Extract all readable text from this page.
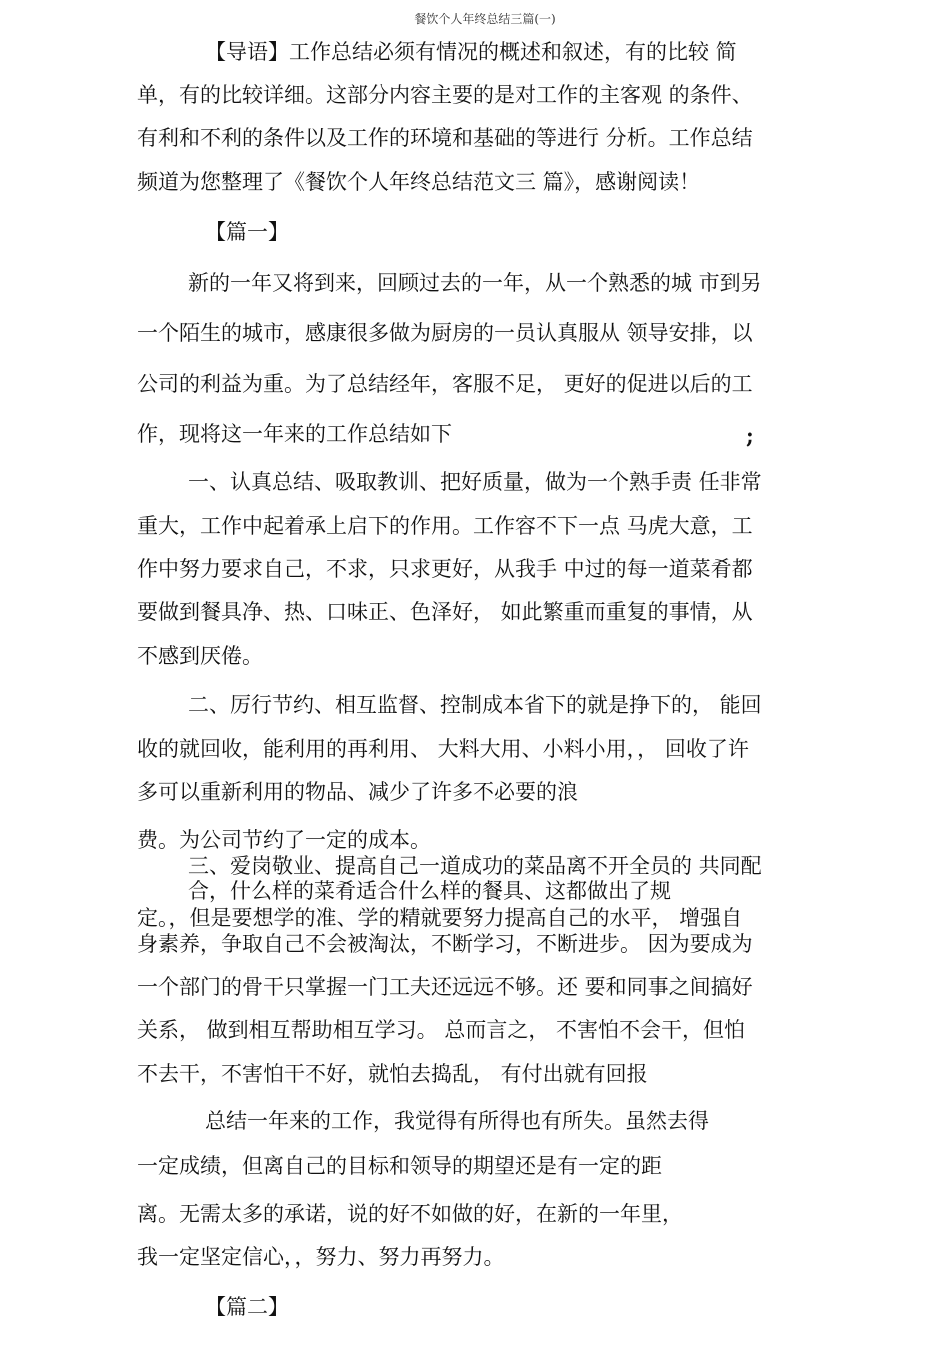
餐饮个人年终总结三篇(一)
【导语】工作总结必须有情况的概述和叙述，有的比较 简
单，有的比较详细。这部分内容主要的是对工作的主客观 的条件、
有利和不利的条件以及工作的环境和基础的等进行 分析。工作总结
频道为您整理了《餐饮个人年终总结范文三 篇》，感谢阅读！
【篇一】
新的一年又将到来，回顾过去的一年，从一个熟悉的城 市到另
一个陌生的城市，感康很多做为厨房的一员认真服从 领导安排，以
公司的利益为重。为了总结经年，客服不足， 更好的促进以后的工
作，现将这一年来的工作总结如下	;
一、认真总结、吸取教训、把好质量，做为一个熟手责 任非常
重大，工作中起着承上启下的作用。工作容不下一点 马虎大意，工
作中努力要求自己，不求，只求更好，从我手 中过的每一道菜肴都
要做到餐具净、热、口味正、色泽好， 如此繁重而重复的事情，从
不感到厌倦。
二、厉行节约、相互监督、控制成本省下的就是挣下的， 能回
收的就回收，能利用的再利用、 大料大用、小料小用，， 回收了许
多可以重新利用的物品、减少了许多不必要的浪
费。为公司节约了一定的成本。
三、爱岗敬业、提高自己一道成功的菜品离不开全员的 共同配
合，什么样的菜肴适合什么样的餐具、这都做出了规
定。，但是要想学的准、学的精就要努力提高自己的水平， 增强自
身素养，争取自己不会被淘汰，不断学习，不断进步。 因为要成为
一个部门的骨干只掌握一门工夫还远远不够。还 要和同事之间搞好
关系， 做到相互帮助相互学习。 总而言之， 不害怕不会干，但怕
不去干，不害怕干不好，就怕去捣乱， 有付出就有回报
总结一年来的工作，我觉得有所得也有所失。虽然去得
一定成绩，但离自己的目标和领导的期望还是有一定的距
离。无需太多的承诺，说的好不如做的好，在新的一年里，
我一定坚定信心，，努力、努力再努力。
【篇二】
